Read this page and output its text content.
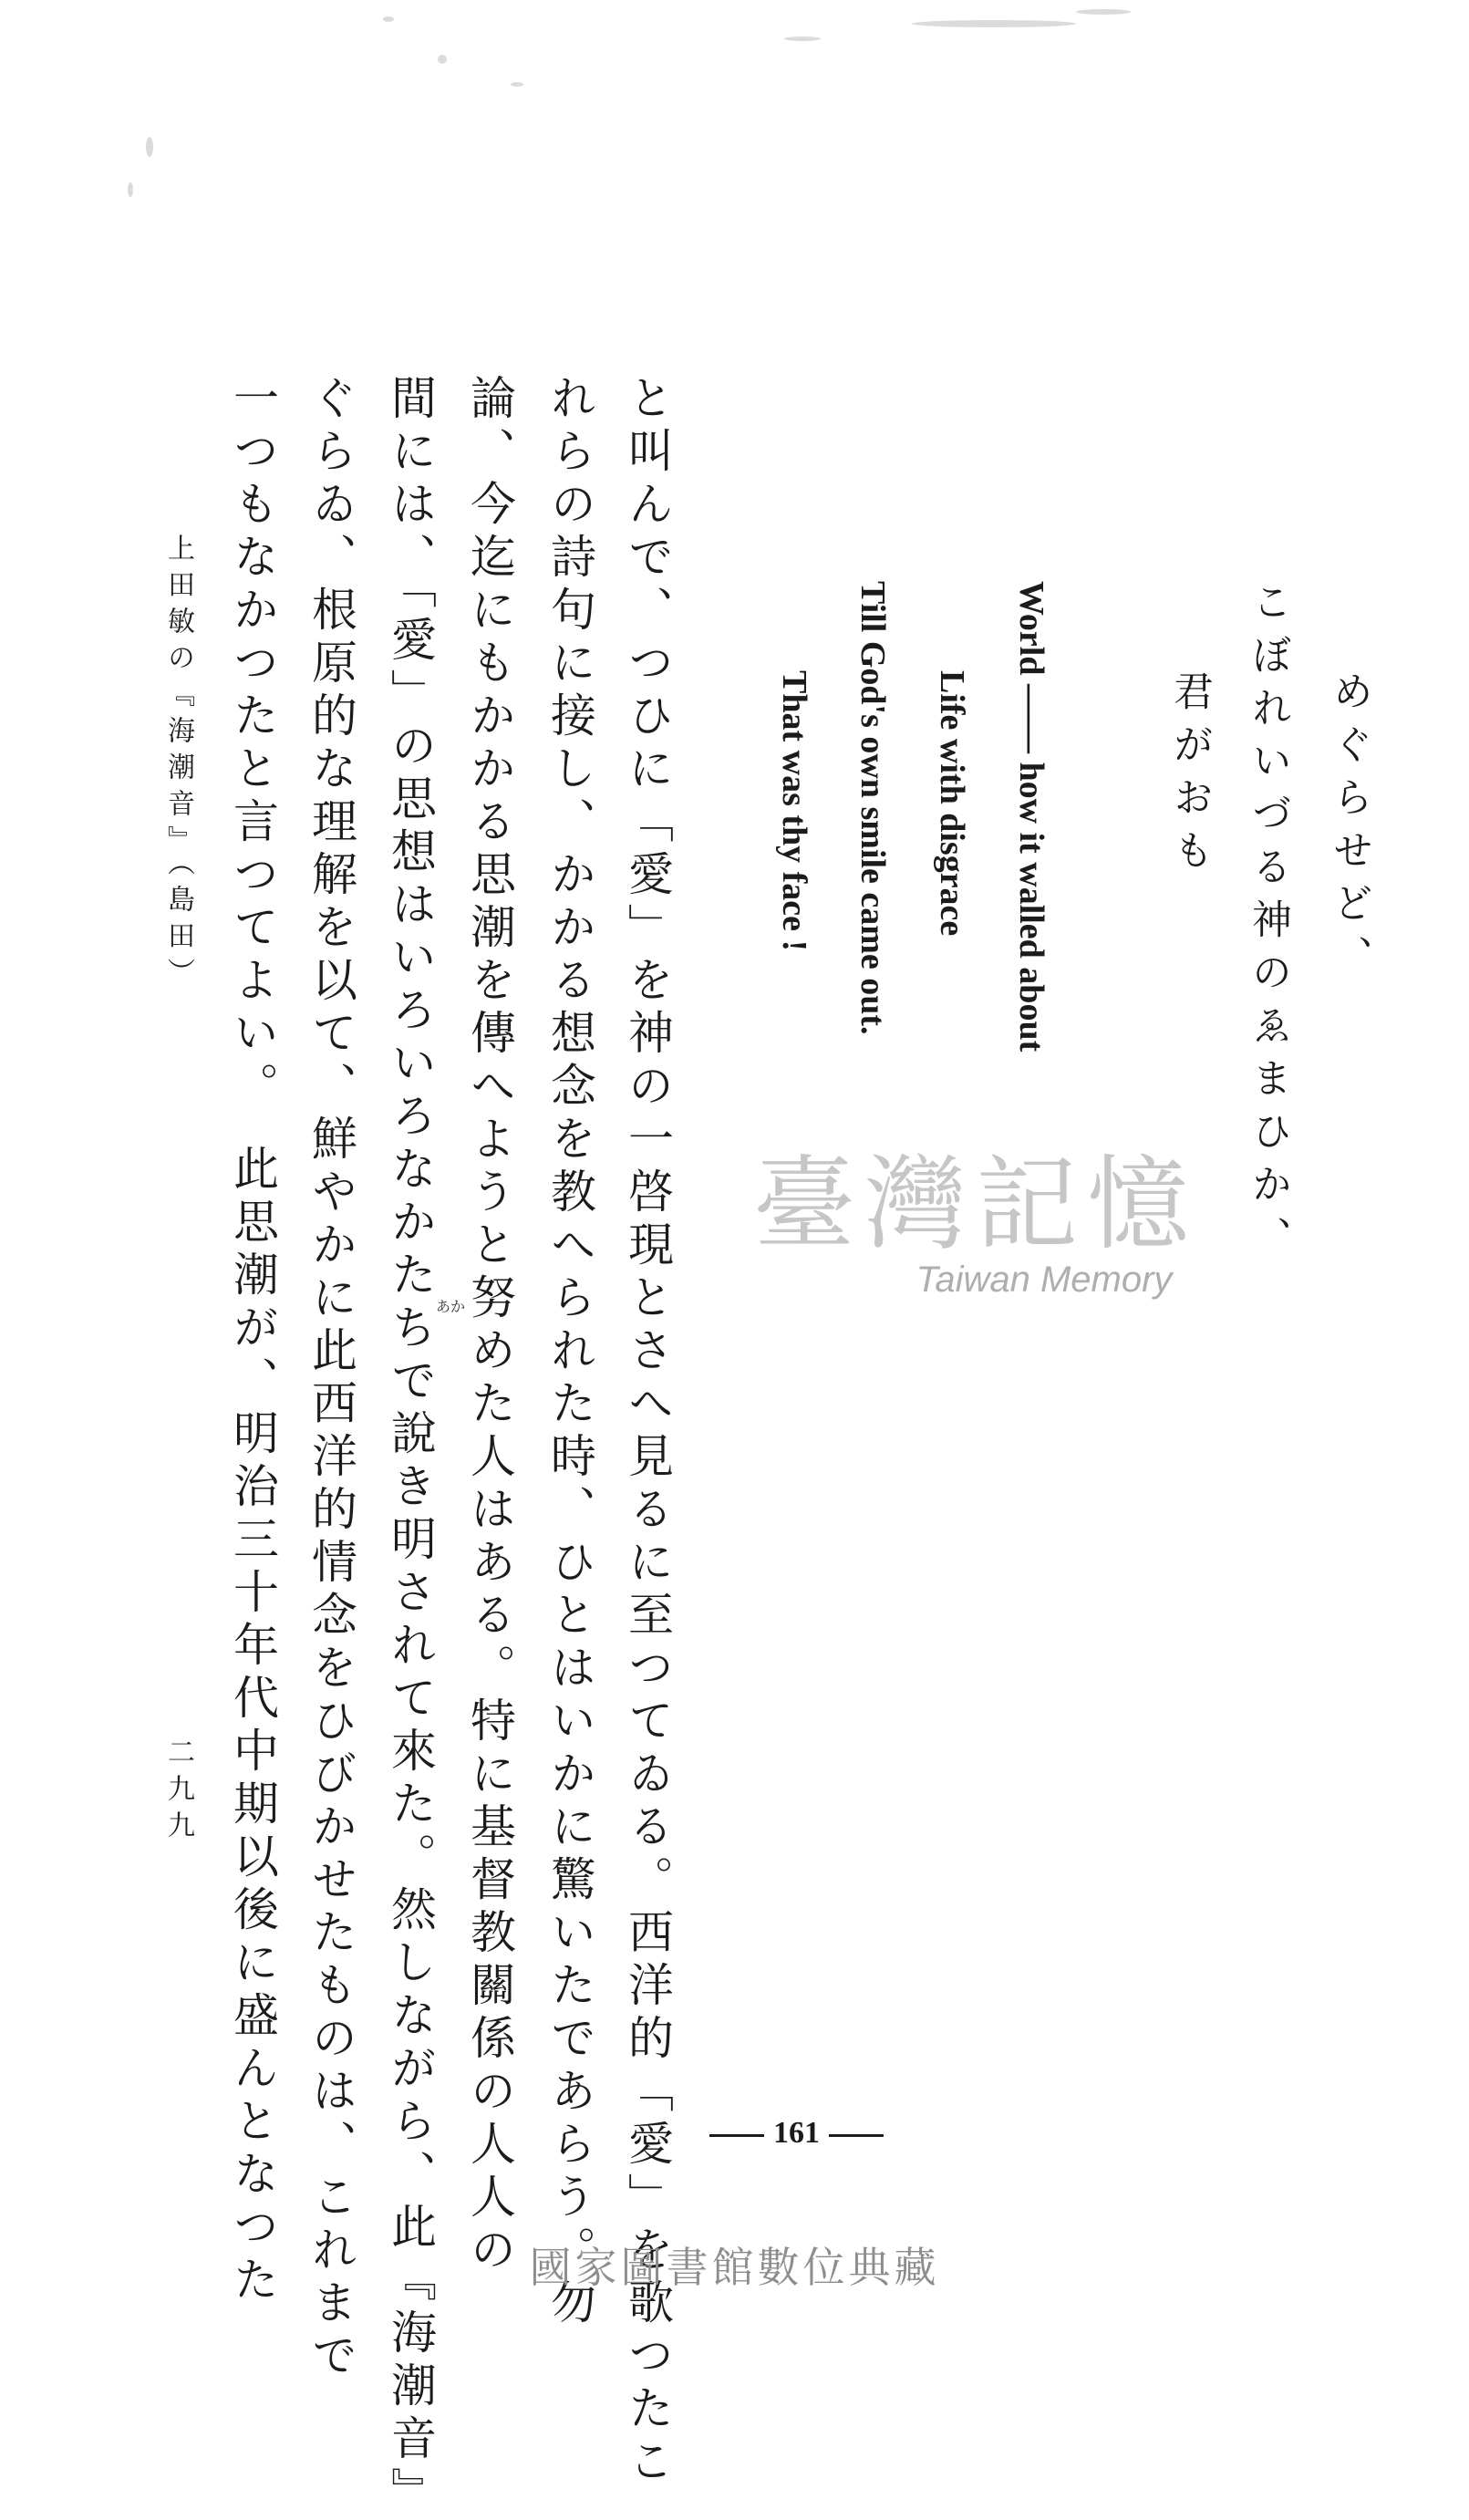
めぐらせど、
こぼれいづる神のゑまひか、
君がおも
World —— how it walled about
Life with disgrace
Till God's own smile came out.
That was thy face !
と叫んで、つひに「愛」を神の一啓現とさへ見るに至つてゐる。西洋的「愛」を歌つたこ
れらの詩句に接し、かかる想念を教へられた時、ひとはいかに驚いたであらう。勿
論、今迄にもかかる思潮を傳へようと努めた人はある。特に基督教關係の人人の
間には、「愛」の思想はいろいろなかたちで說き明されて來た。然しながら、此『海潮音』
ぐらゐ、根原的な理解を以て、鮮やかに此西洋的情念をひびかせたものは、これまで
一つもなかつたと言つてよい。　此思潮が、明治三十年代中期以後に盛んとなつた	あか
上田敏の『海潮音』（島田）
二九九
臺灣記憶
Taiwan Memory
161
國家圖書館數位典藏
